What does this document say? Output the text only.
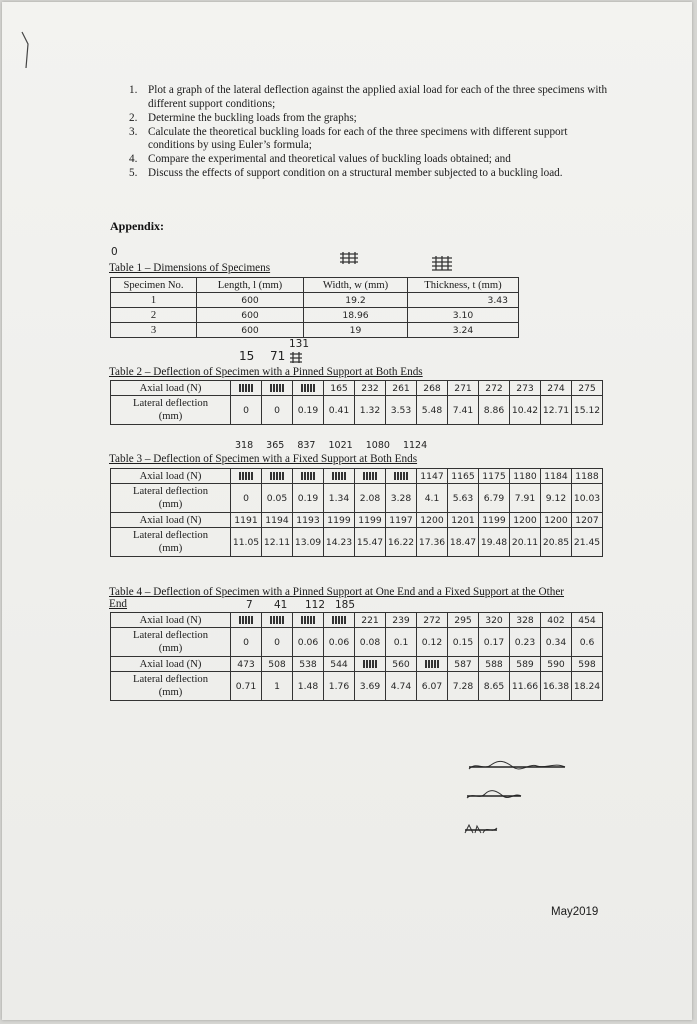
1. Plot a graph of the lateral deflection against the applied axial load for each of the three specimens with different support conditions;
2. Determine the buckling loads from the graphs;
3. Calculate the theoretical buckling loads for each of the three specimens with different support conditions by using Euler’s formula;
4. Compare the experimental and theoretical values of buckling loads obtained; and
5. Discuss the effects of support condition on a structural member subjected to a buckling load.
Appendix:
0
Table 1 – Dimensions of Specimens
Specimen No.	Length, l (mm)	Width, w (mm)	Thickness, t (mm)
1	600	19.2	3.43
2	600	18.96	3.10
3	600	19	3.24
131
15 71
Table 2 – Deflection of Specimen with a Pinned Support at Both Ends
Axial load (N)				165	232	261	268	271	272	273	274	275
Lateral deflection
(mm)	0	0	0.19	0.41	1.32	3.53	5.48	7.41	8.86	10.42	12.71	15.12
318 365 837 1021 1080 1124
Table 3 – Deflection of Specimen with a Fixed Support at Both Ends
Axial load (N)							1147	1165	1175	1180	1184	1188
Lateral deflection
(mm)	0	0.05	0.19	1.34	2.08	3.28	4.1	5.63	6.79	7.91	9.12	10.03
Axial load (N)	1191	1194	1193	1199	1199	1197	1200	1201	1199	1200	1200	1207
Lateral deflection
(mm)	11.05	12.11	13.09	14.23	15.47	16.22	17.36	18.47	19.48	20.11	20.85	21.45
Table 4 – Deflection of Specimen with a Pinned Support at One End and a Fixed Support at the Other
End	7 41 112 185
Axial load (N)					221	239	272	295	320	328	402	454
Lateral deflection
(mm)	0	0	0.06	0.06	0.08	0.1	0.12	0.15	0.17	0.23	0.34	0.6
Axial load (N)	473	508	538	544		560		587	588	589	590	598
Lateral deflection
(mm)	0.71	1	1.48	1.76	3.69	4.74	6.07	7.28	8.65	11.66	16.38	18.24
May2019
